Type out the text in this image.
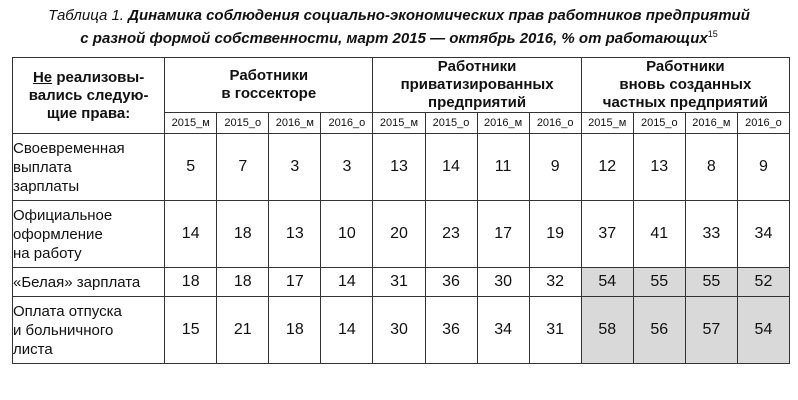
Таблица 1. Динамика соблюдения социально-экономических прав работников предприятий
с разной формой собственности, март 2015 — октябрь 2016, % от работающих$^{15}$
Не реализовы-
вались следую-
щие права:	Работники
в госсекторе				Работники
приватизированных
предприятий				Работники
вновь созданных
частных предприятий			
	2015_м	2015_о	2016_м	2016_о	2015_м	2015_о	2016_м	2016_о	2015_м	2015_о	2016_м	2016_о
Своевременная
выплата
зарплаты	5	7	3	3	13	14	11	9	12	13	8	9
Официальное
оформление
на работу	14	18	13	10	20	23	17	19	37	41	33	34
«Белая» зарплата	18	18	17	14	31	36	30	32	54	55	55	52
Оплата отпуска
и больничного
листа	15	21	18	14	30	36	34	31	58	56	57	54
